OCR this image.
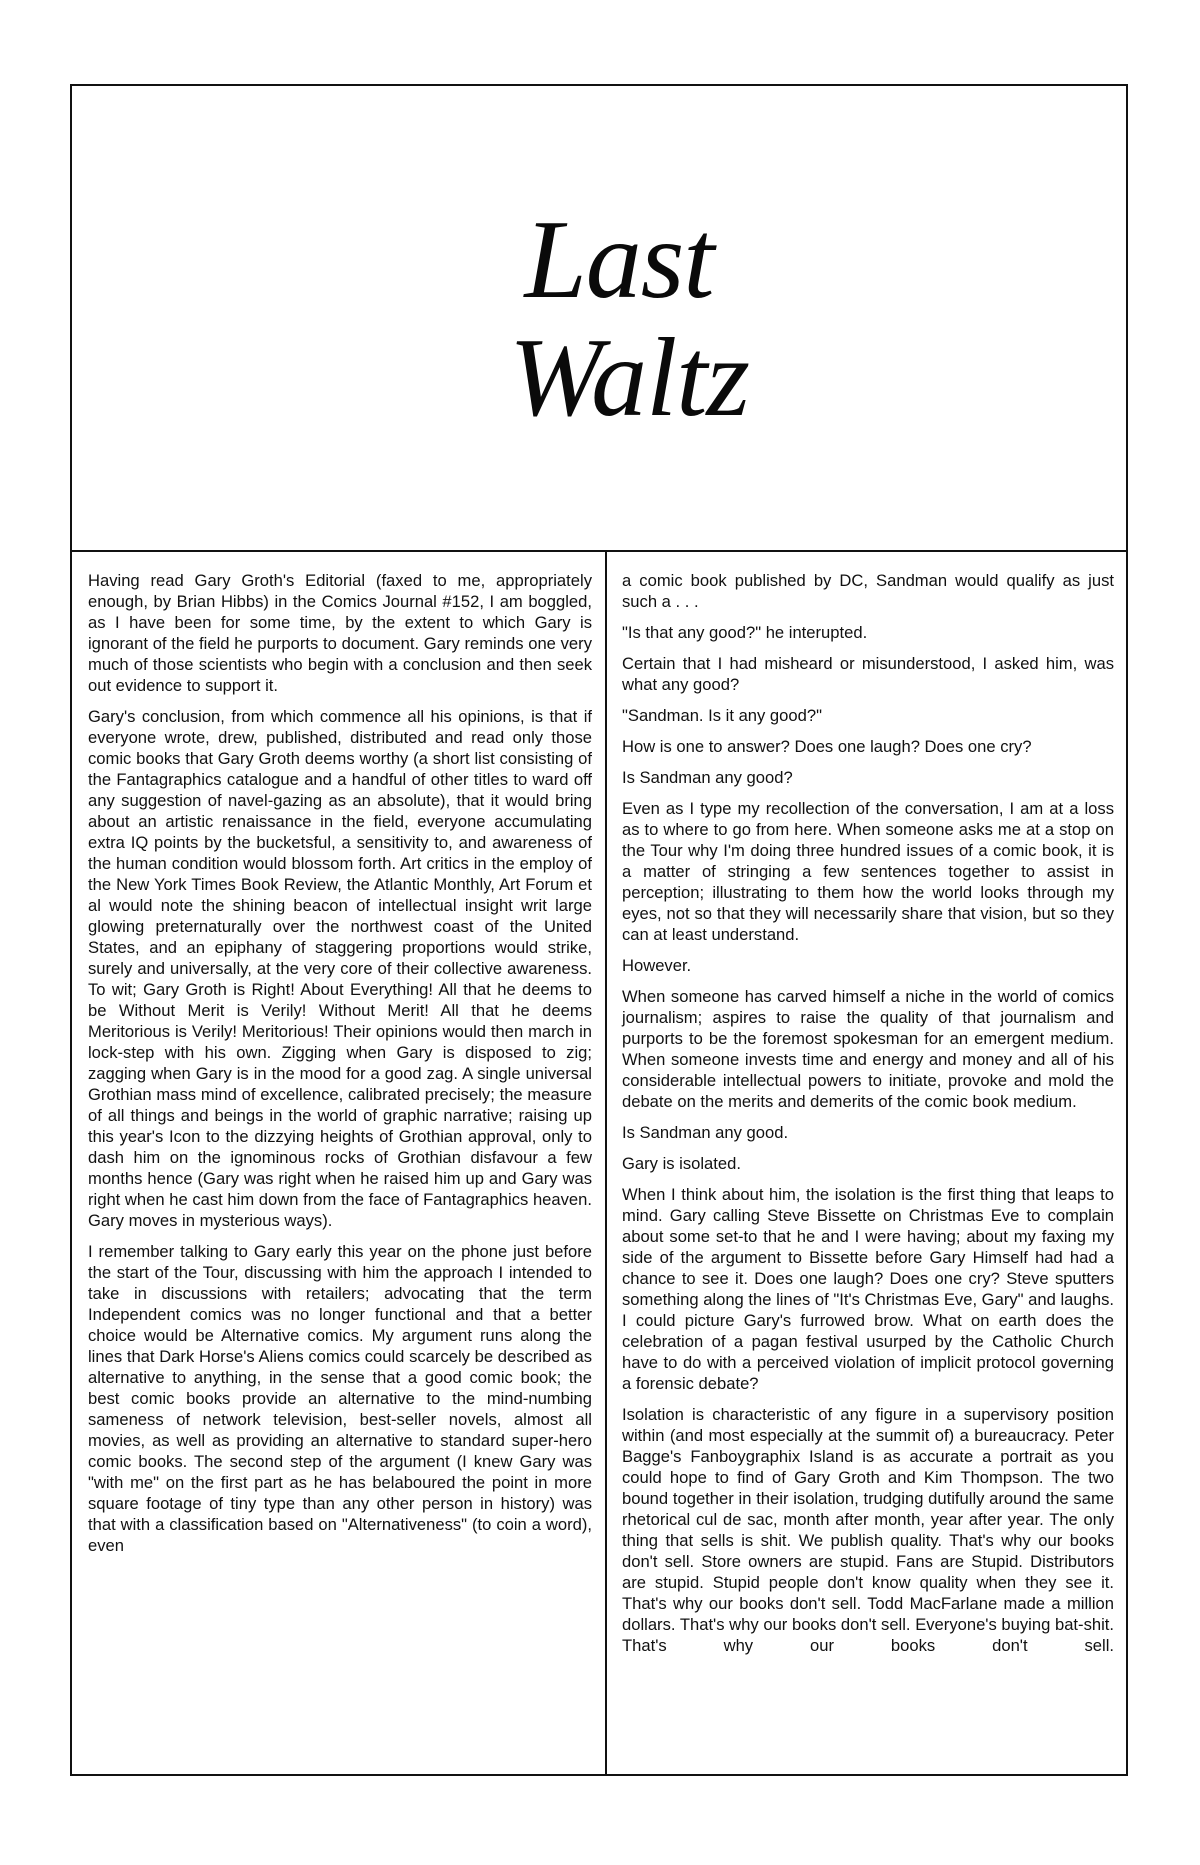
Last
Waltz

Having read Gary Groth's Editorial (faxed to me, appropriately enough, by Brian Hibbs) in the Comics Journal #152, I am boggled, as I have been for some time, by the extent to which Gary is ignorant of the field he purports to document. Gary reminds one very much of those scientists who begin with a conclusion and then seek out evidence to support it.

Gary's conclusion, from which commence all his opinions, is that if everyone wrote, drew, published, distributed and read only those comic books that Gary Groth deems worthy (a short list consisting of the Fantagraphics catalogue and a handful of other titles to ward off any suggestion of navel-gazing as an absolute), that it would bring about an artistic renaissance in the field, everyone accumulating extra IQ points by the bucketsful, a sensitivity to, and awareness of the human condition would blossom forth. Art critics in the employ of the New York Times Book Review, the Atlantic Monthly, Art Forum et al would note the shining beacon of intellectual insight writ large glowing preternaturally over the northwest coast of the United States, and an epiphany of staggering proportions would strike, surely and universally, at the very core of their collective awareness. To wit; Gary Groth is Right! About Everything! All that he deems to be Without Merit is Verily! Without Merit! All that he deems Meritorious is Verily! Meritorious! Their opinions would then march in lock-step with his own. Zigging when Gary is disposed to zig; zagging when Gary is in the mood for a good zag. A single universal Grothian mass mind of excellence, calibrated precisely; the measure of all things and beings in the world of graphic narrative; raising up this year's Icon to the dizzying heights of Grothian approval, only to dash him on the ignominous rocks of Grothian disfavour a few months hence (Gary was right when he raised him up and Gary was right when he cast him down from the face of Fantagraphics heaven. Gary moves in mysterious ways).

I remember talking to Gary early this year on the phone just before the start of the Tour, discussing with him the approach I intended to take in discussions with retailers; advocating that the term Independent comics was no longer functional and that a better choice would be Alternative comics. My argument runs along the lines that Dark Horse's Aliens comics could scarcely be described as alternative to anything, in the sense that a good comic book; the best comic books provide an alternative to the mind-numbing sameness of network television, best-seller novels, almost all movies, as well as providing an alternative to standard super-hero comic books. The second step of the argument (I knew Gary was "with me" on the first part as he has belaboured the point in more square footage of tiny type than any other person in history) was that with a classification based on "Alternativeness" (to coin a word), even

a comic book published by DC, Sandman would qualify as just such a . . .

"Is that any good?" he interupted.

Certain that I had misheard or misunderstood, I asked him, was what any good?

"Sandman. Is it any good?"

How is one to answer? Does one laugh? Does one cry?

Is Sandman any good?

Even as I type my recollection of the conversation, I am at a loss as to where to go from here. When someone asks me at a stop on the Tour why I'm doing three hundred issues of a comic book, it is a matter of stringing a few sentences together to assist in perception; illustrating to them how the world looks through my eyes, not so that they will necessarily share that vision, but so they can at least understand.

However.

When someone has carved himself a niche in the world of comics journalism; aspires to raise the quality of that journalism and purports to be the foremost spokesman for an emergent medium. When someone invests time and energy and money and all of his considerable intellectual powers to initiate, provoke and mold the debate on the merits and demerits of the comic book medium.

Is Sandman any good.

Gary is isolated.

When I think about him, the isolation is the first thing that leaps to mind. Gary calling Steve Bissette on Christmas Eve to complain about some set-to that he and I were having; about my faxing my side of the argument to Bissette before Gary Himself had had a chance to see it. Does one laugh? Does one cry? Steve sputters something along the lines of "It's Christmas Eve, Gary" and laughs. I could picture Gary's furrowed brow. What on earth does the celebration of a pagan festival usurped by the Catholic Church have to do with a perceived violation of implicit protocol governing a forensic debate?

Isolation is characteristic of any figure in a supervisory position within (and most especially at the summit of) a bureaucracy. Peter Bagge's Fanboygraphix Island is as accurate a portrait as you could hope to find of Gary Groth and Kim Thompson. The two bound together in their isolation, trudging dutifully around the same rhetorical cul de sac, month after month, year after year. The only thing that sells is shit. We publish quality. That's why our books don't sell. Store owners are stupid. Fans are Stupid. Distributors are stupid. Stupid people don't know quality when they see it. That's why our books don't sell. Todd MacFarlane made a million dollars. That's why our books don't sell. Everyone's buying bat-shit. That's why our books don't sell.
